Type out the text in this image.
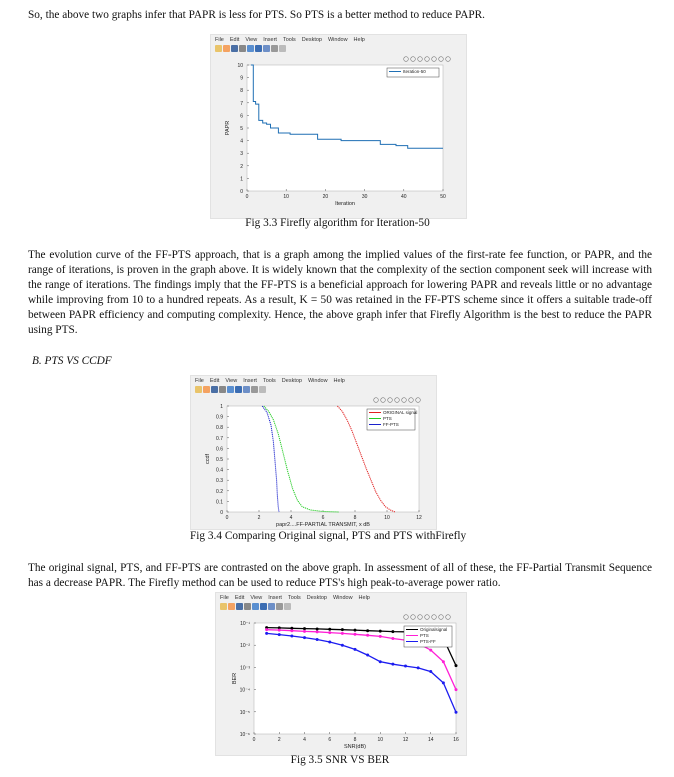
So, the above two graphs infer that PAPR is less for PTS. So PTS is a better method to reduce PAPR.

File Edit View Insert Tools Desktop Window Help
0	10	20	30	40	50
0
1
2
3
4
5
6
7
8
9
10
Iteration
PAPR
Iteration-50
Fig 3.3 Firefly algorithm for Iteration-50

The evolution curve of the FF-PTS approach, that is a graph among the implied values of the first-rate fee function, or PAPR, and the range of iterations, is proven in the graph above. It is widely known that the complexity of the section component seek will increase with the range of iterations. The findings imply that the FF-PTS is a beneficial approach for lowering PAPR and reveals little or no advantage while improving from 10 to a hundred repeats. As a result, K = 50 was retained in the FF-PTS scheme since it offers a suitable trade-off between PAPR efficiency and computing complexity. Hence, the above graph infer that Firefly Algorithm is the best to reduce the PAPR using PTS.

B. PTS VS CCDF
File Edit View Insert Tools Desktop Window Help
0	2	4	6	8	10	12
0
0.1
0.2
0.3
0.4
0.5
0.6
0.7
0.8
0.9
1
papr2....FF-PARTIAL TRANSMIT, x dB
ccdf
ORIGINAL signal
PTS
FF-PTS
Fig 3.4 Comparing Original signal, PTS and PTS withFirefly

The original signal, PTS, and FF-PTS are contrasted on the above graph. In assessment of all of these, the FF-Partial Transmit Sequence has a decrease PAPR. The Firefly method can be used to reduce PTS's high peak-to-average power ratio.

File Edit View Insert Tools Desktop Window Help
0	2	4	6	8	10	12	14	16
10⁻⁶
10⁻⁵
10⁻⁴
10⁻³
10⁻²
10⁻¹
SNR(dB)
BER
Originalsignal
PTS
PTS-FF
Fig 3.5 SNR VS BER
